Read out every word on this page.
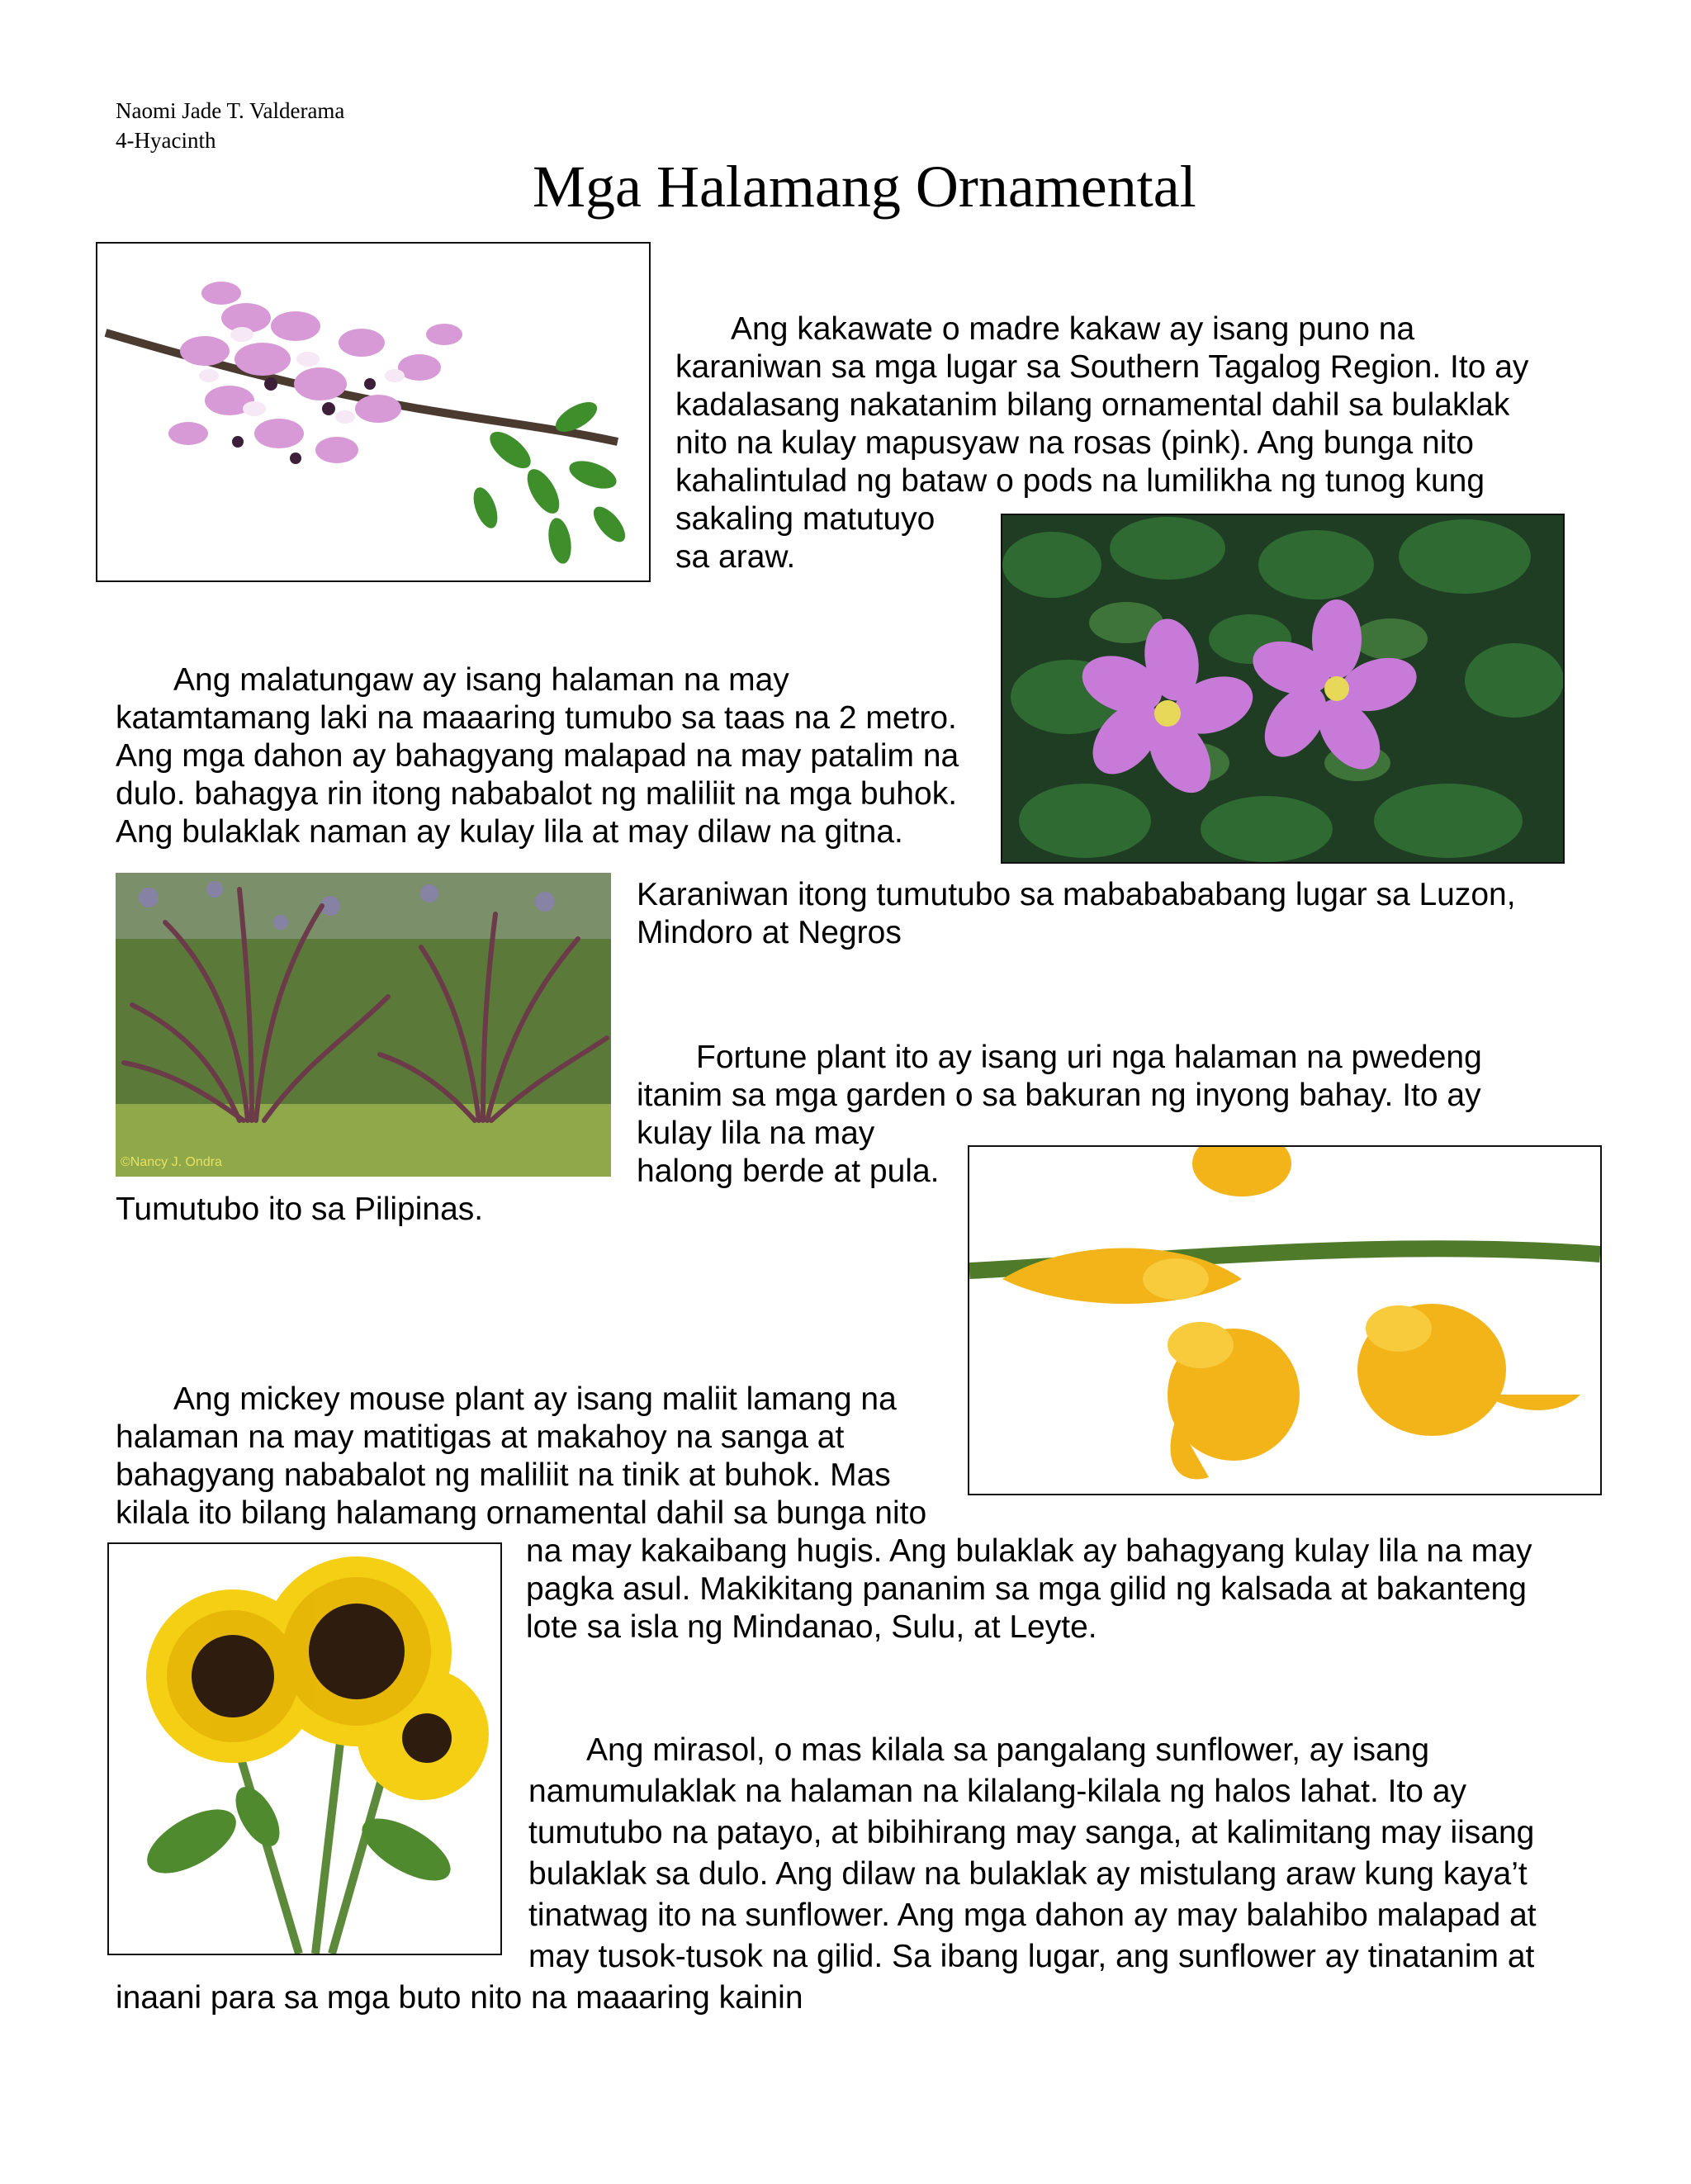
Naomi Jade T. Valderama
4-Hyacinth
Mga Halamang Ornamental
©Nancy J. Ondra
Ang kakawate o madre kakaw ay isang puno na
karaniwan sa mga lugar sa Southern Tagalog Region. Ito ay
kadalasang nakatanim bilang ornamental dahil sa bulaklak
nito na kulay mapusyaw na rosas (pink). Ang bunga nito
kahalintulad ng bataw o pods na lumilikha ng tunog kung
sakaling matutuyo
sa araw.
Ang malatungaw ay isang halaman na may
katamtamang laki na maaaring tumubo sa taas na 2 metro.
Ang mga dahon ay bahagyang malapad na may patalim na
dulo. bahagya rin itong nababalot ng maliliit na mga buhok.
Ang bulaklak naman ay kulay lila at may dilaw na gitna.
Karaniwan itong tumutubo sa mababababang lugar sa Luzon,
Mindoro at Negros
Fortune plant ito ay isang uri nga halaman na pwedeng
itanim sa mga garden o sa bakuran ng inyong bahay. Ito ay
kulay lila na may
halong berde at pula.
Tumutubo ito sa Pilipinas.
Ang mickey mouse plant ay isang maliit lamang na
halaman na may matitigas at makahoy na sanga at
bahagyang nababalot ng maliliit na tinik at buhok. Mas
kilala ito bilang halamang ornamental dahil sa bunga nito
na may kakaibang hugis. Ang bulaklak ay bahagyang kulay lila na may
pagka asul. Makikitang pananim sa mga gilid ng kalsada at bakanteng
lote sa isla ng Mindanao, Sulu, at Leyte.
Ang mirasol, o mas kilala sa pangalang sunflower, ay isang
namumulaklak na halaman na kilalang-kilala ng halos lahat. Ito ay
tumutubo na patayo, at bibihirang may sanga, at kalimitang may iisang
bulaklak sa dulo. Ang dilaw na bulaklak ay mistulang araw kung kaya’t
tinatwag ito na sunflower. Ang mga dahon ay may balahibo malapad at
may tusok-tusok na gilid. Sa ibang lugar, ang sunflower ay tinatanim at
inaani para sa mga buto nito na maaaring kainin
